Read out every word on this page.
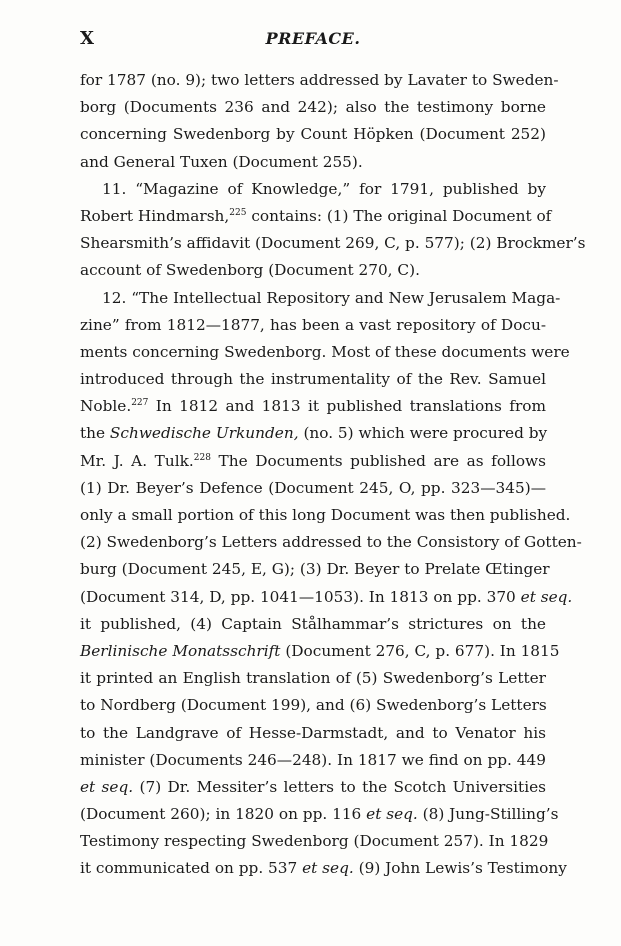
X	PREFACE.
for 1787 (no. 9); two letters addressed by Lavater to Sweden-
borg (Documents 236 and 242); also the testimony borne
concerning Swedenborg by Count Höpken (Document 252)
and General Tuxen (Document 255).
11. “Magazine of Knowledge,” for 1791, published by
Robert Hindmarsh,$^{225}$ contains: (1) The original Document of
Shearsmith’s affidavit (Document 269, C, p. 577); (2) Brockmer’s
account of Swedenborg (Document 270, C).
12. “The Intellectual Repository and New Jerusalem Maga-
zine” from 1812—1877, has been a vast repository of Docu-
ments concerning Swedenborg. Most of these documents were
introduced through the instrumentality of the Rev. Samuel
Noble.$^{227}$ In 1812 and 1813 it published translations from
the Schwedische Urkunden, (no. 5) which were procured by
Mr. J. A. Tulk.$^{228}$ The Documents published are as follows
(1) Dr. Beyer’s Defence (Document 245, O, pp. 323—345)—
only a small portion of this long Document was then published.
(2) Swedenborg’s Letters addressed to the Consistory of Gotten-
burg (Document 245, E, G); (3) Dr. Beyer to Prelate Œtinger
(Document 314, D, pp. 1041—1053). In 1813 on pp. 370 et seq.
it published, (4) Captain Stålhammar’s strictures on the
Berlinische Monatsschrift (Document 276, C, p. 677). In 1815
it printed an English translation of (5) Swedenborg’s Letter
to Nordberg (Document 199), and (6) Swedenborg’s Letters
to the Landgrave of Hesse-Darmstadt, and to Venator his
minister (Documents 246—248). In 1817 we find on pp. 449
et seq. (7) Dr. Messiter’s letters to the Scotch Universities
(Document 260); in 1820 on pp. 116 et seq. (8) Jung-Stilling’s
Testimony respecting Swedenborg (Document 257). In 1829
it communicated on pp. 537 et seq. (9) John Lewis’s Testimony
